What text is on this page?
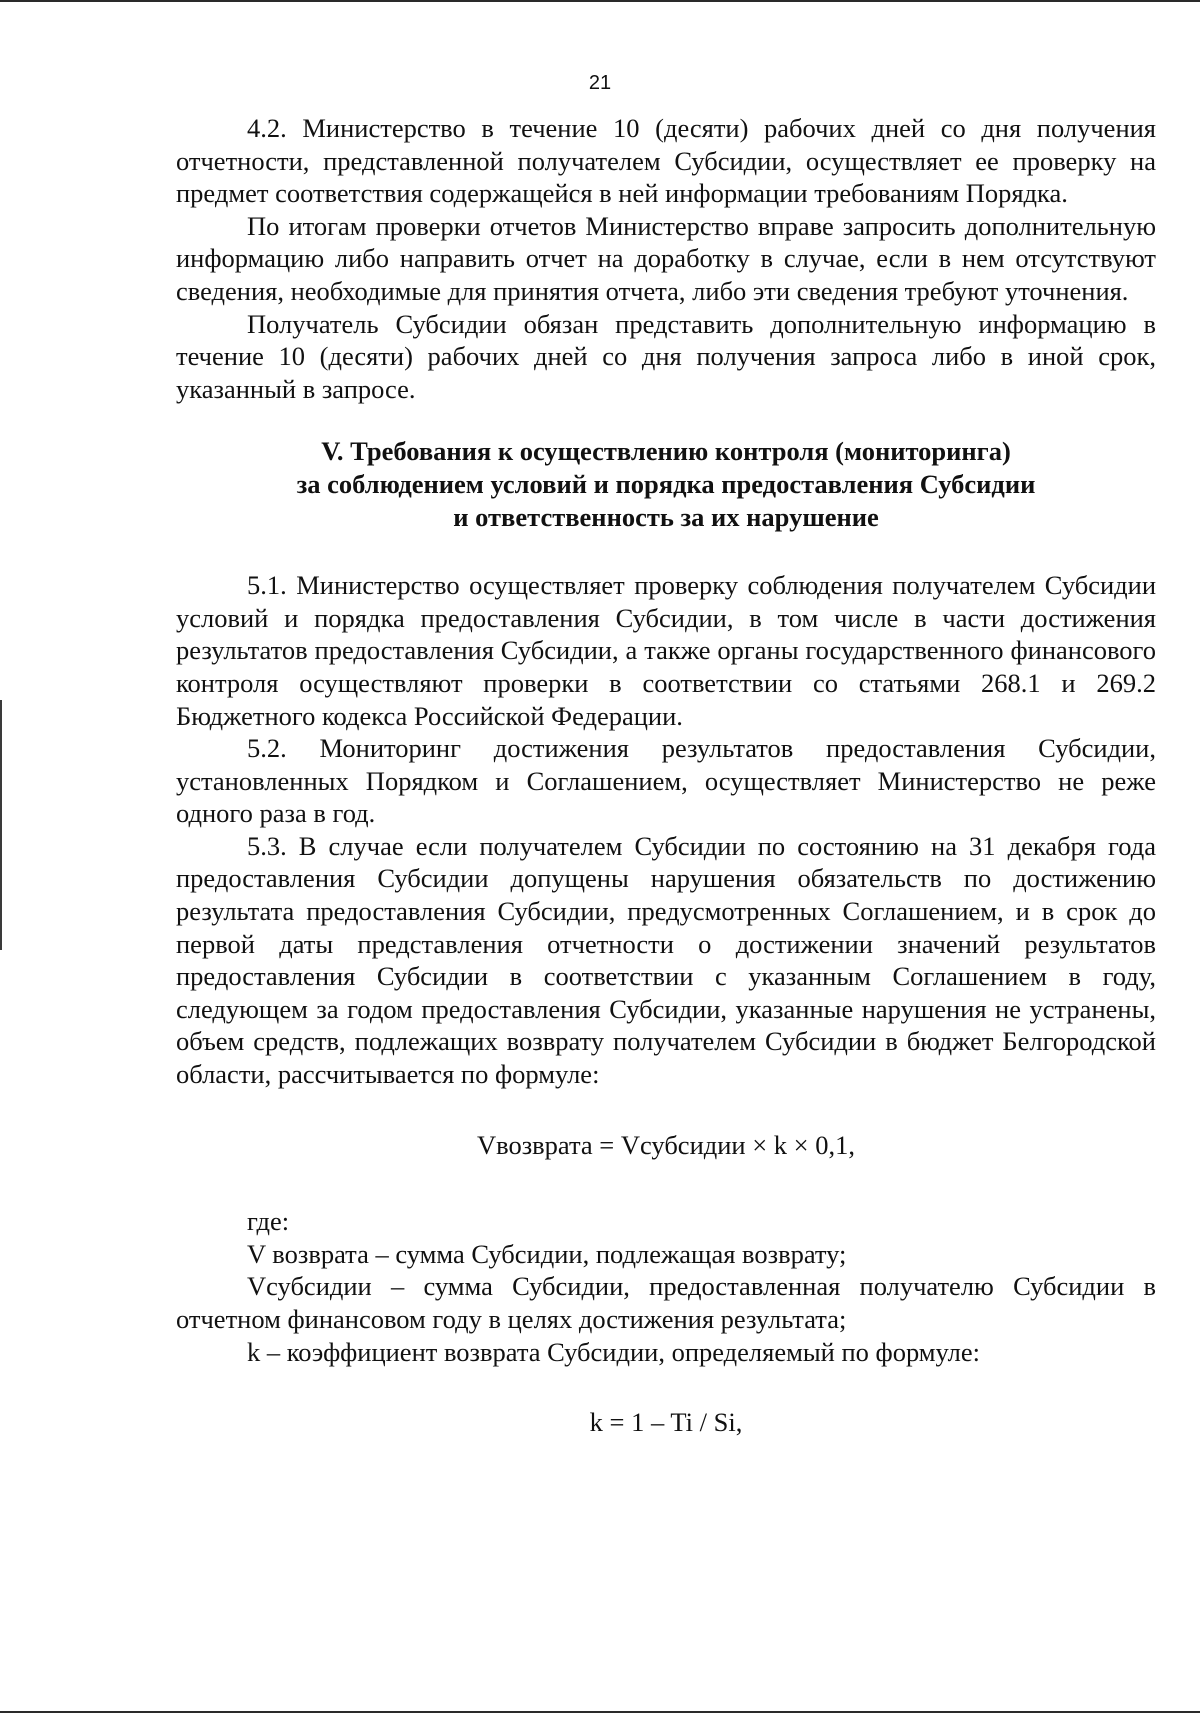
21

4.2. Министерство в течение 10 (десяти) рабочих дней со дня получения отчетности, представленной получателем Субсидии, осуществляет ее проверку на предмет соответствия содержащейся в ней информации требованиям Порядка.

По итогам проверки отчетов Министерство вправе запросить дополнительную информацию либо направить отчет на доработку в случае, если в нем отсутствуют сведения, необходимые для принятия отчета, либо эти сведения требуют уточнения.

Получатель Субсидии обязан представить дополнительную информацию в течение 10 (десяти) рабочих дней со дня получения запроса либо в иной срок, указанный в запросе.

V. Требования к осуществлению контроля (мониторинга)
за соблюдением условий и порядка предоставления Субсидии
и ответственность за их нарушение

5.1. Министерство осуществляет проверку соблюдения получателем Субсидии условий и порядка предоставления Субсидии, в том числе в части достижения результатов предоставления Субсидии, а также органы государственного финансового контроля осуществляют проверки в соответствии со статьями 268.1 и 269.2 Бюджетного кодекса Российской Федерации.

5.2. Мониторинг достижения результатов предоставления Субсидии, установленных Порядком и Соглашением, осуществляет Министерство не реже одного раза в год.

5.3. В случае если получателем Субсидии по состоянию на 31 декабря года предоставления Субсидии допущены нарушения обязательств по достижению результата предоставления Субсидии, предусмотренных Соглашением, и в срок до первой даты представления отчетности о достижении значений результатов предоставления Субсидии в соответствии с указанным Соглашением в году, следующем за годом предоставления Субсидии, указанные нарушения не устранены, объем средств, подлежащих возврату получателем Субсидии в бюджет Белгородской области, рассчитывается по формуле:

Vвозврата = Vсубсидии × k × 0,1,

где:

V возврата – сумма Субсидии, подлежащая возврату;

Vсубсидии – сумма Субсидии, предоставленная получателю Субсидии в отчетном финансовом году в целях достижения результата;

k – коэффициент возврата Субсидии, определяемый по формуле:

k = 1 – Ti / Si,
